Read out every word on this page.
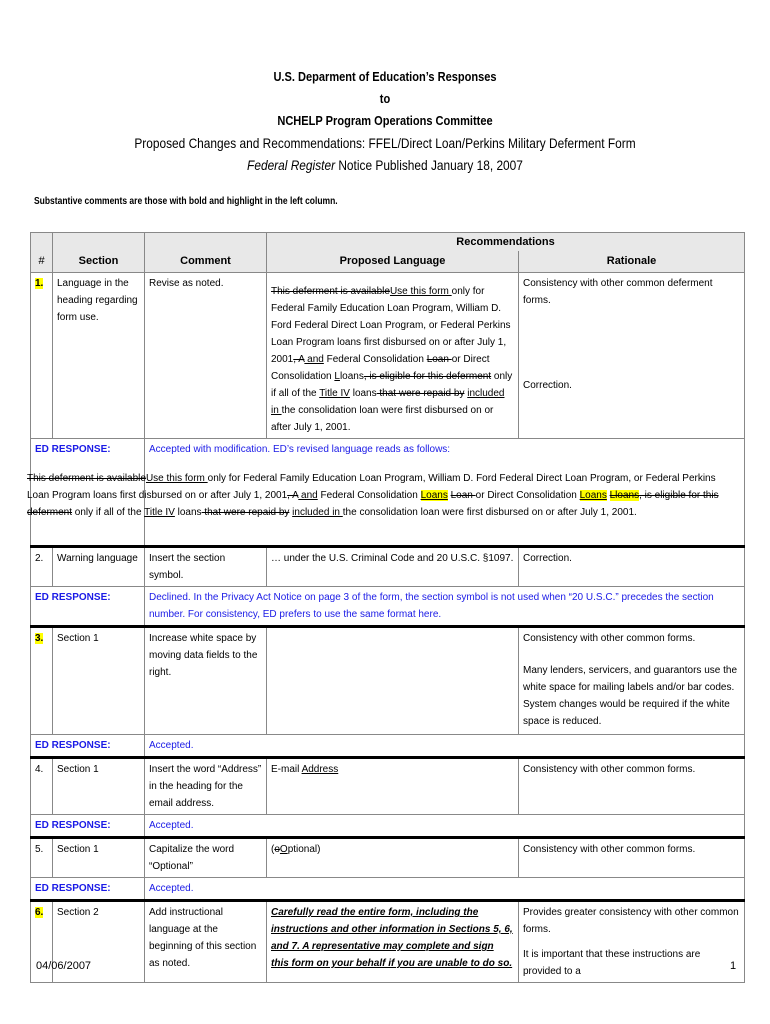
U.S. Deparment of Education’s Responses
to
NCHELP Program Operations Committee
Proposed Changes and Recommendations: FFEL/Direct Loan/Perkins Military Deferment Form
Federal Register Notice Published January 18, 2007
Substantive comments are those with bold and highlight in the left column.
			Recommendations	
#	Section	Comment	Proposed Language	Rationale
1.	Language in the heading regarding form use.	Revise as noted.	This deferment is availableUse this form only for Federal Family Education Loan Program, William D. Ford Federal Direct Loan Program, or Federal Perkins Loan Program loans first disbursed on or after July 1, 2001, A and Federal Consolidation Loan or Direct Consolidation Lloans, is eligible for this deferment only if all of the Title IV loans that were repaid by included in the consolidation loan were first disbursed on or after July 1, 2001.	Consistency with other common deferment forms.
Correction.

ED RESPONSE:		Accepted with modification. ED’s revised language reads as follows:
This deferment is availableUse this form only for Federal Family Education Loan Program, William D. Ford Federal Direct Loan Program, or Federal Perkins Loan Program loans first disbursed on or after July 1, 2001, A and Federal Consolidation Loans Loan or Direct Consolidation Loans Lloans, is eligible for this deferment only if all of the Title IV loans that were repaid by included in the consolidation loan were first disbursed on or after July 1, 2001.		

2.	Warning language	Insert the section symbol.	… under the U.S. Criminal Code and 20 U.S.C. §1097.	Correction.
ED RESPONSE:		Declined. In the Privacy Act Notice on page 3 of the form, the section symbol is not used when “20 U.S.C.” precedes the section number. For consistency, ED prefers to use the same format here.		
3.	Section 1	Increase white space by moving data fields to the right.		Consistency with other common forms.
Many lenders, servicers, and guarantors use the white space for mailing labels and/or bar codes. System changes would be required if the white space is reduced.

ED RESPONSE:		Accepted.		
4.	Section 1	Insert the word “Address” in the heading for the email address.	E-mail Address	Consistency with other common forms.
ED RESPONSE:		Accepted.		
5.	Section 1	Capitalize the word “Optional”	(oOptional)	Consistency with other common forms.
ED RESPONSE:		Accepted.		
6.	Section 2	Add instructional language at the beginning of this section as noted.	Carefully read the entire form, including the instructions and other information in Sections 5, 6, and 7. A representative may complete and sign this form on your behalf if you are unable to do so.	Provides greater consistency with other common forms.
It is important that these instructions are provided to a
04/06/2007	1
